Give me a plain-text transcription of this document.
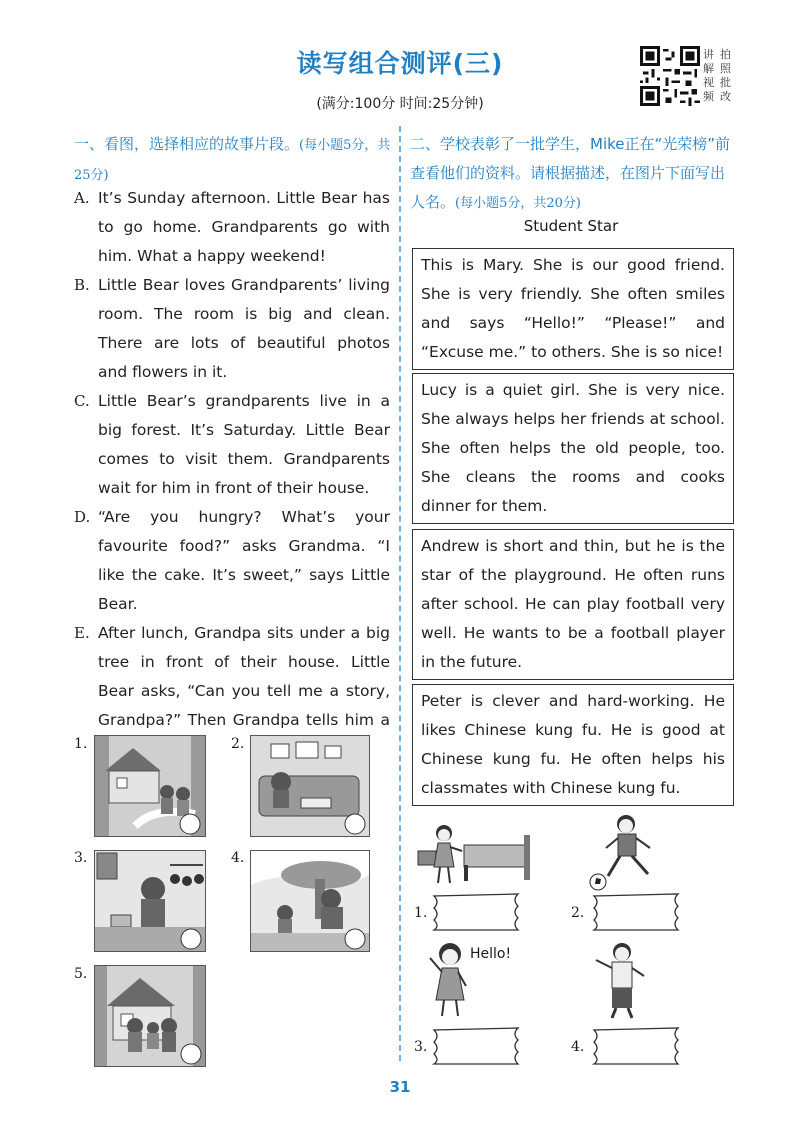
读写组合测评(三)
(满分:100分 时间:25分钟)
讲
解
视
频
拍
照
批
改
一、看图，选择相应的故事片段。(每小题5分，共25分)
A. It’s Sunday afternoon. Little Bear has to go home. Grandparents go with him. What a happy weekend!
B. Little Bear loves Grandparents’ living room. The room is big and clean. There are lots of beautiful photos and flowers in it.
C. Little Bear’s grandparents live in a big forest. It’s Saturday. Little Bear comes to visit them. Grandparents wait for him in front of their house.
D. “Are you hungry? What’s your favourite food?” asks Grandma. “I like the cake. It’s sweet,” says Little Bear.
E. After lunch, Grandpa sits under a big tree in front of their house. Little Bear asks, “Can you tell me a story, Grandpa?” Then Grandpa tells him a
1.	2.
3.	4.
5.
二、学校表彰了一批学生，Mike正在“光荣榜”前查看他们的资料。请根据描述，在图片下面写出人名。(每小题5分，共20分)
Student Star
This is Mary. She is our good friend. She is very friendly. She often smiles and says “Hello!” “Please!” and “Excuse me.” to others. She is so nice!
Lucy is a quiet girl. She is very nice. She always helps her friends at school. She often helps the old people, too. She cleans the rooms and cooks dinner for them.
Andrew is short and thin, but he is the star of the playground. He often runs after school. He can play football very well. He wants to be a football player in the future.
Peter is clever and hard-working. He likes Chinese kung fu. He is good at Chinese kung fu. He often helps his classmates with Chinese kung fu.
Hello!
1.	2.
3.	4.
31
